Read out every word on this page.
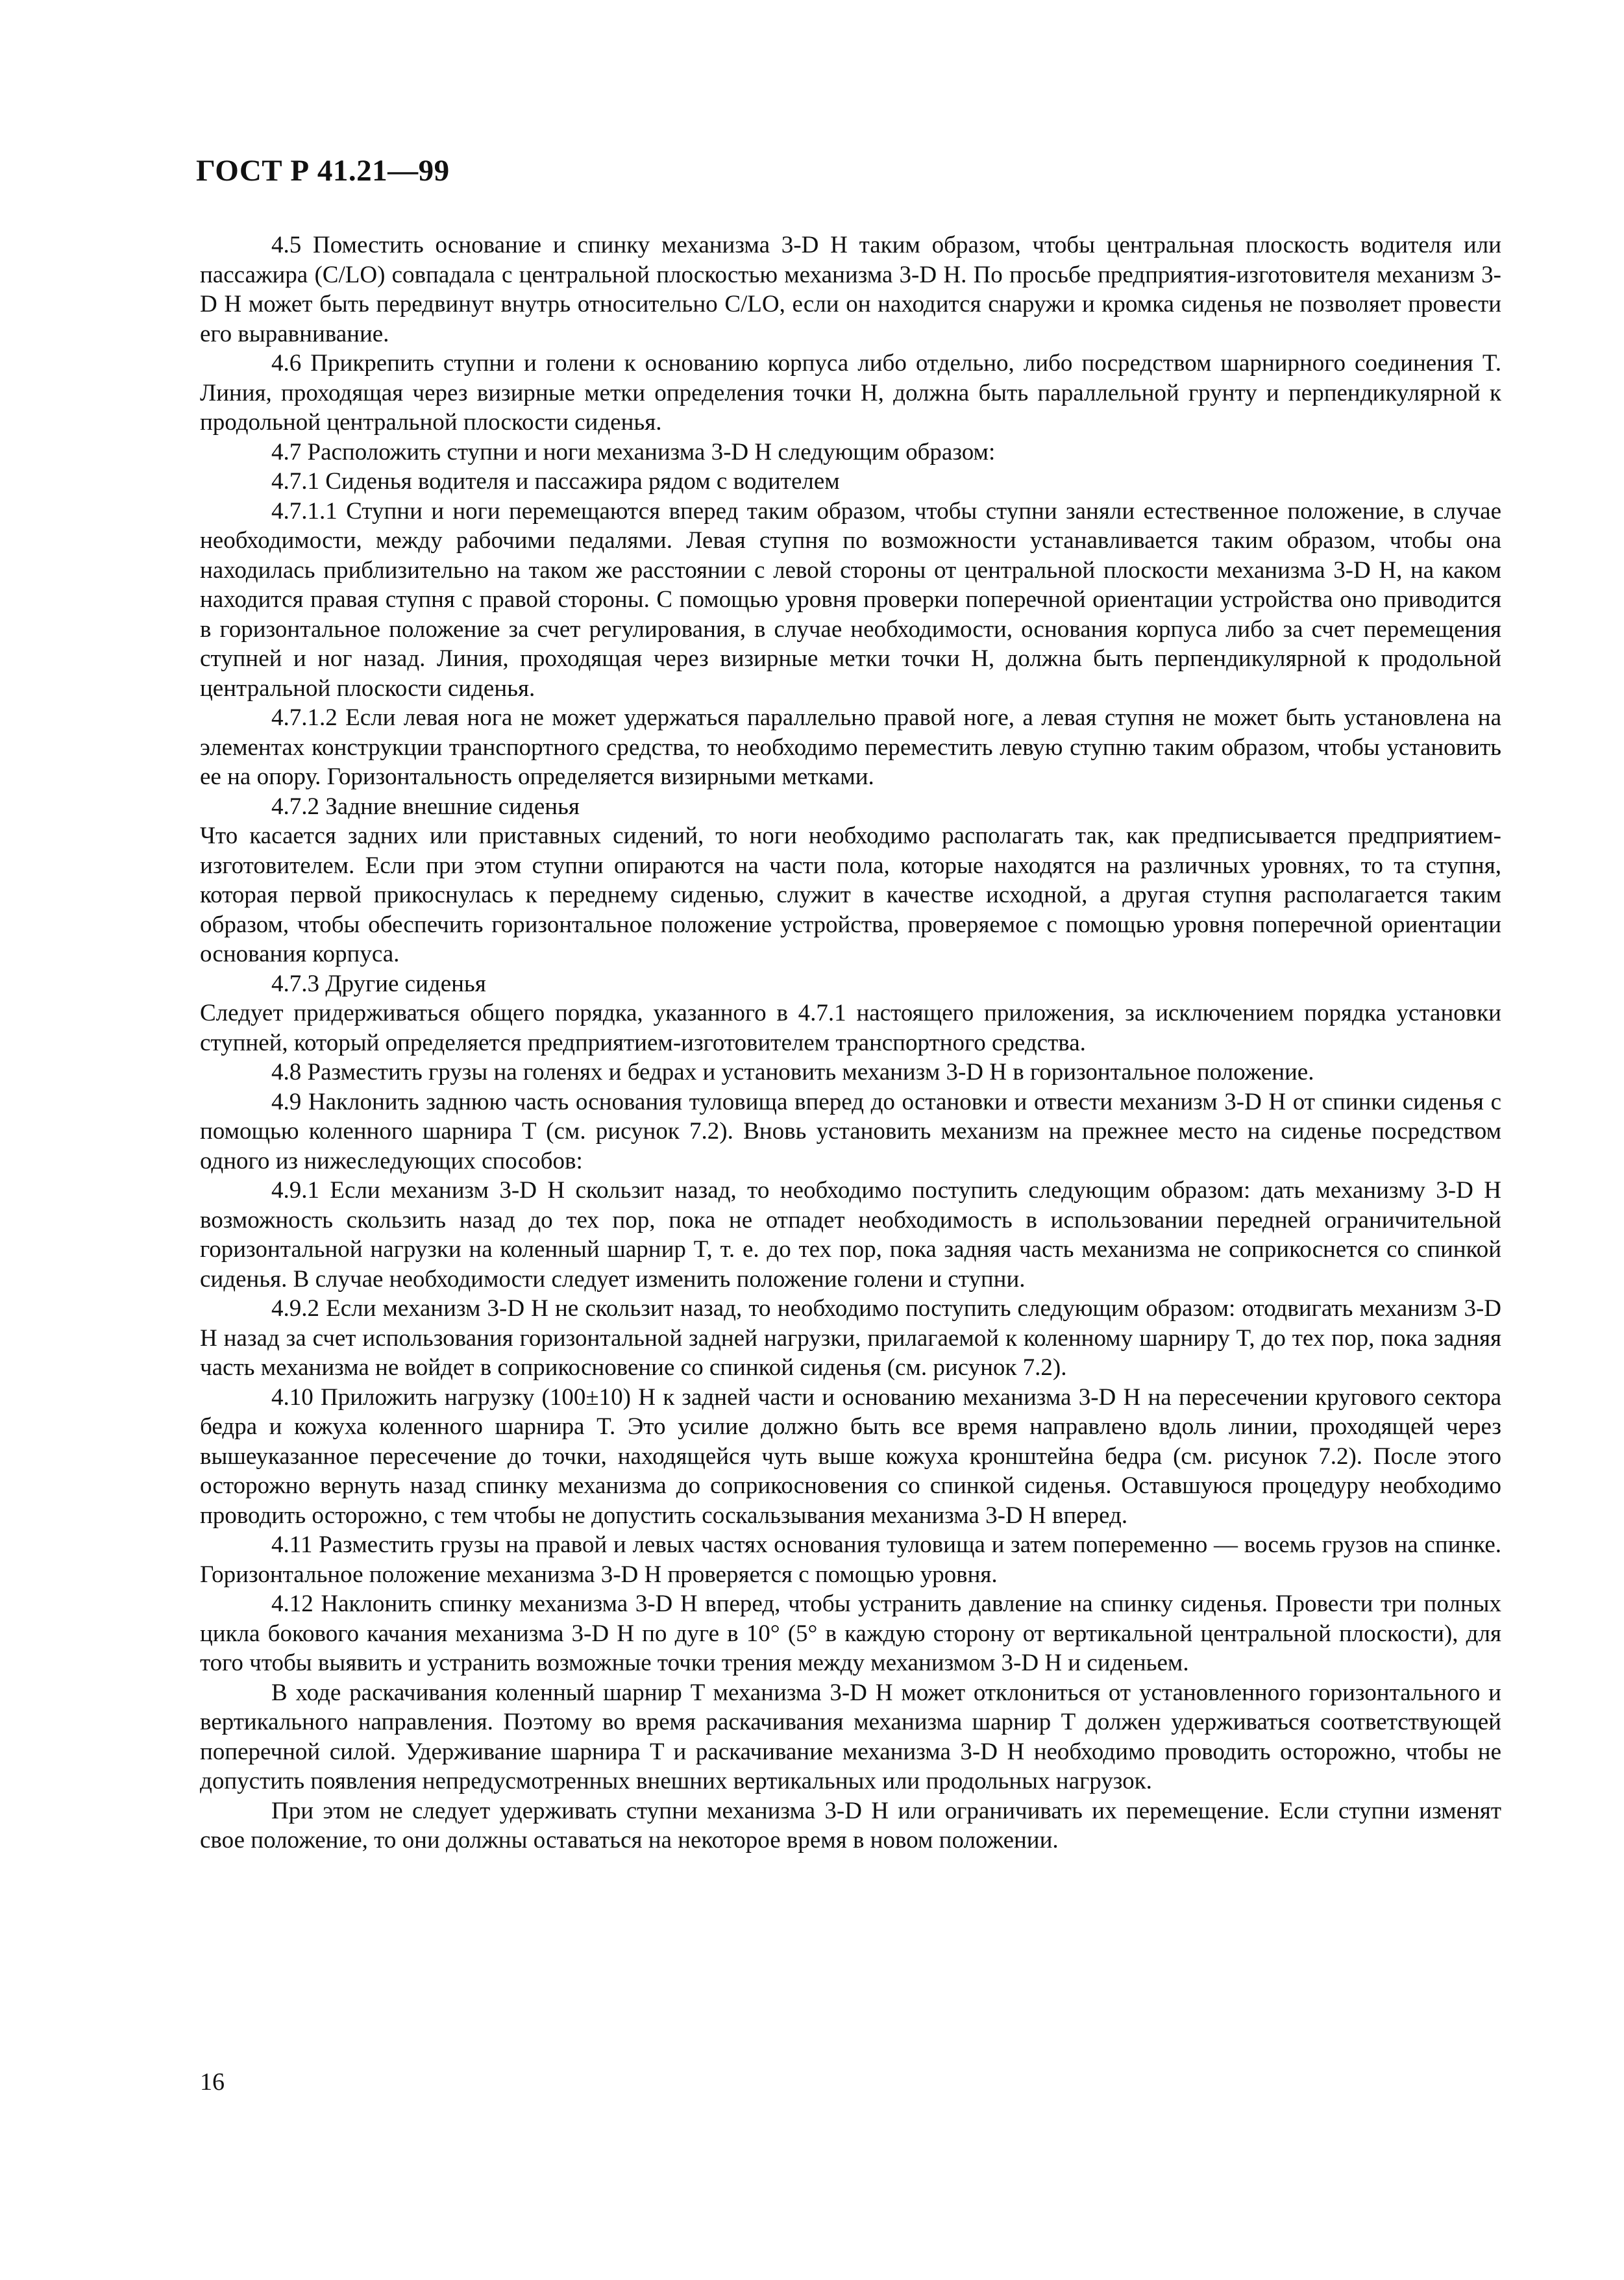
ГОСТ Р 41.21—99

4.5 Поместить основание и спинку механизма 3-D H таким образом, чтобы центральная плоскость водителя или пассажира (C/LO) совпадала с центральной плоскостью механизма 3-D H. По просьбе предприятия-изготовителя механизм 3-D H может быть передвинут внутрь относительно C/LO, если он находится снаружи и кромка сиденья не позволяет провести его выравнивание.

4.6 Прикрепить ступни и голени к основанию корпуса либо отдельно, либо посредством шарнирного соединения T. Линия, проходящая через визирные метки определения точки H, должна быть параллельной грунту и перпендикулярной к продольной центральной плоскости сиденья.

4.7 Расположить ступни и ноги механизма 3-D H следующим образом:

4.7.1 Сиденья водителя и пассажира рядом с водителем

4.7.1.1 Ступни и ноги перемещаются вперед таким образом, чтобы ступни заняли естественное положение, в случае необходимости, между рабочими педалями. Левая ступня по возможности устанавливается таким образом, чтобы она находилась приблизительно на таком же расстоянии с левой стороны от центральной плоскости механизма 3-D H, на каком находится правая ступня с правой стороны. С помощью уровня проверки поперечной ориентации устройства оно приводится в горизонтальное положение за счет регулирования, в случае необходимости, основания корпуса либо за счет перемещения ступней и ног назад. Линия, проходящая через визирные метки точки H, должна быть перпендикулярной к продольной центральной плоскости сиденья.

4.7.1.2 Если левая нога не может удержаться параллельно правой ноге, а левая ступня не может быть установлена на элементах конструкции транспортного средства, то необходимо переместить левую ступню таким образом, чтобы установить ее на опору. Горизонтальность определяется визирными метками.

4.7.2 Задние внешние сиденья

Что касается задних или приставных сидений, то ноги необходимо располагать так, как предписывается предприятием-изготовителем. Если при этом ступни опираются на части пола, которые находятся на различных уровнях, то та ступня, которая первой прикоснулась к переднему сиденью, служит в качестве исходной, а другая ступня располагается таким образом, чтобы обеспечить горизонтальное положение устройства, проверяемое с помощью уровня поперечной ориентации основания корпуса.

4.7.3 Другие сиденья

Следует придерживаться общего порядка, указанного в 4.7.1 настоящего приложения, за исключением порядка установки ступней, который определяется предприятием-изготовителем транспортного средства.

4.8 Разместить грузы на голенях и бедрах и установить механизм 3-D H в горизонтальное положение.

4.9 Наклонить заднюю часть основания туловища вперед до остановки и отвести механизм 3-D H от спинки сиденья с помощью коленного шарнира T (см. рисунок 7.2). Вновь установить механизм на прежнее место на сиденье посредством одного из нижеследующих способов:

4.9.1 Если механизм 3-D H скользит назад, то необходимо поступить следующим образом: дать механизму 3-D H возможность скользить назад до тех пор, пока не отпадет необходимость в использовании передней ограничительной горизонтальной нагрузки на коленный шарнир T, т. е. до тех пор, пока задняя часть механизма не соприкоснется со спинкой сиденья. В случае необходимости следует изменить положение голени и ступни.

4.9.2 Если механизм 3-D H не скользит назад, то необходимо поступить следующим образом: отодвигать механизм 3-D H назад за счет использования горизонтальной задней нагрузки, прилагаемой к коленному шарниру T, до тех пор, пока задняя часть механизма не войдет в соприкосновение со спинкой сиденья (см. рисунок 7.2).

4.10 Приложить нагрузку (100±10) Н к задней части и основанию механизма 3-D H на пересечении кругового сектора бедра и кожуха коленного шарнира T. Это усилие должно быть все время направлено вдоль линии, проходящей через вышеуказанное пересечение до точки, находящейся чуть выше кожуха кронштейна бедра (см. рисунок 7.2). После этого осторожно вернуть назад спинку механизма до соприкосновения со спинкой сиденья. Оставшуюся процедуру необходимо проводить осторожно, с тем чтобы не допустить соскальзывания механизма 3-D H вперед.

4.11 Разместить грузы на правой и левых частях основания туловища и затем попеременно — восемь грузов на спинке. Горизонтальное положение механизма 3-D H проверяется с помощью уровня.

4.12 Наклонить спинку механизма 3-D H вперед, чтобы устранить давление на спинку сиденья. Провести три полных цикла бокового качания механизма 3-D H по дуге в 10° (5° в каждую сторону от вертикальной центральной плоскости), для того чтобы выявить и устранить возможные точки трения между механизмом 3-D H и сиденьем.

В ходе раскачивания коленный шарнир T механизма 3-D H может отклониться от установленного горизонтального и вертикального направления. Поэтому во время раскачивания механизма шарнир T должен удерживаться соответствующей поперечной силой. Удерживание шарнира T и раскачивание механизма 3-D H необходимо проводить осторожно, чтобы не допустить появления непредусмотренных внешних вертикальных или продольных нагрузок.

При этом не следует удерживать ступни механизма 3-D H или ограничивать их перемещение. Если ступни изменят свое положение, то они должны оставаться на некоторое время в новом положении.

16
